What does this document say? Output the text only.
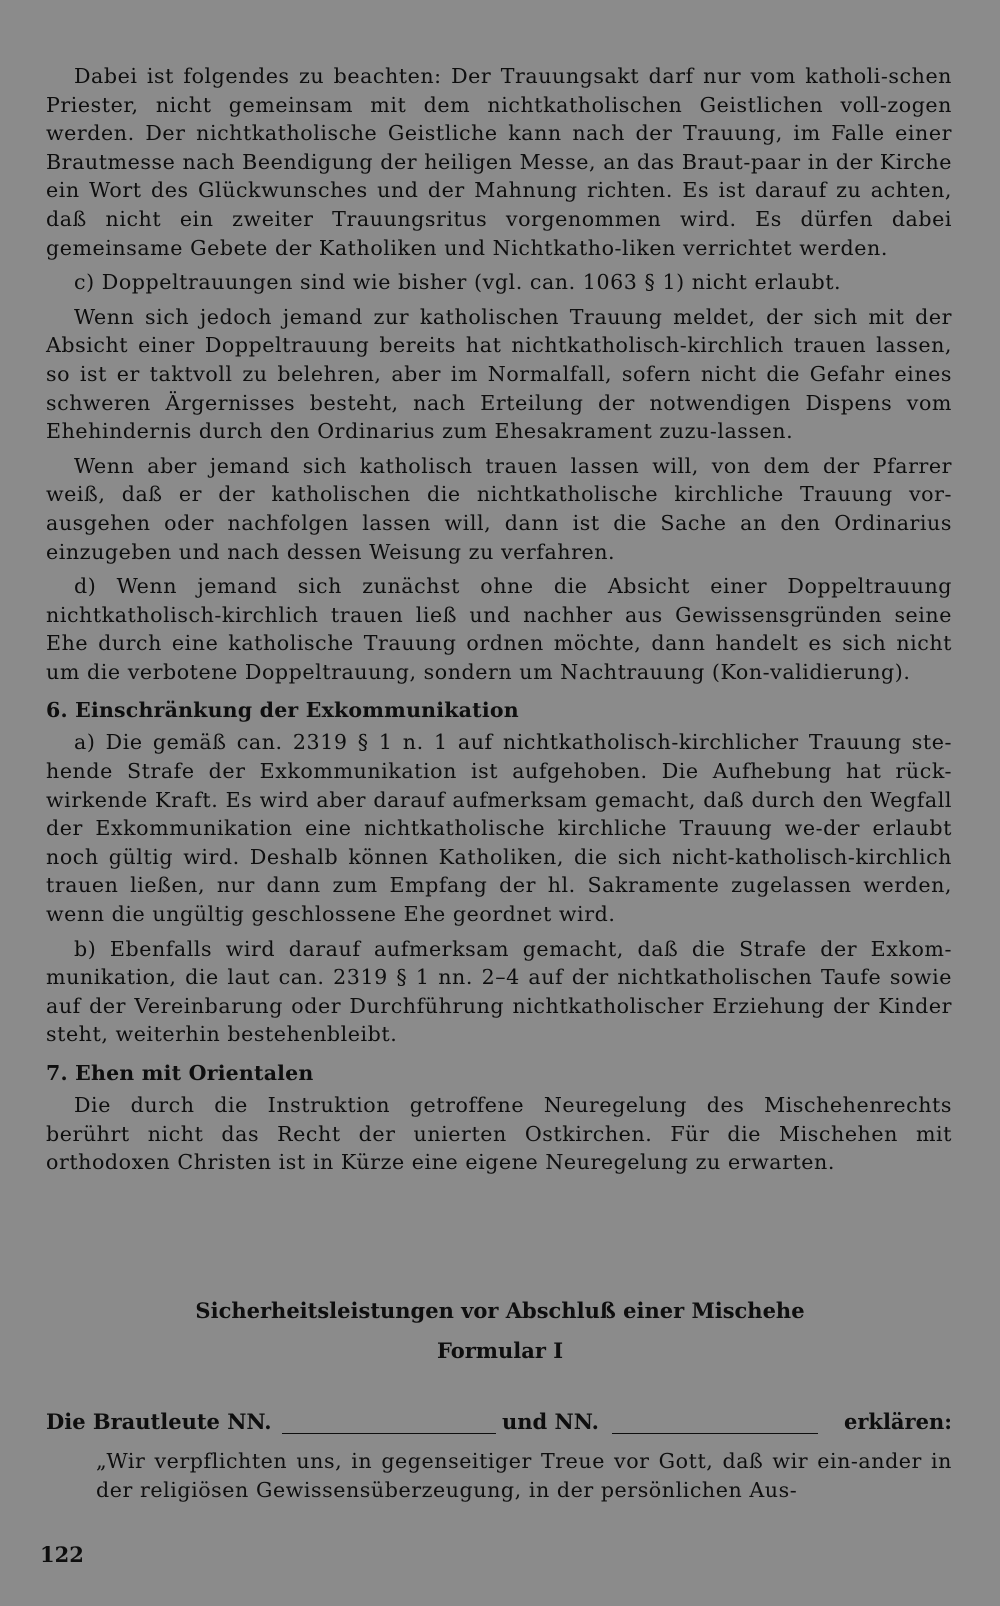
Dabei ist folgendes zu beachten: Der Trauungsakt darf nur vom katholi-schen Priester, nicht gemeinsam mit dem nichtkatholischen Geistlichen voll-zogen werden. Der nichtkatholische Geistliche kann nach der Trauung, im Falle einer Brautmesse nach Beendigung der heiligen Messe, an das Braut-paar in der Kirche ein Wort des Glückwunsches und der Mahnung richten. Es ist darauf zu achten, daß nicht ein zweiter Trauungsritus vorgenommen wird. Es dürfen dabei gemeinsame Gebete der Katholiken und Nichtkatho-liken verrichtet werden.

c) Doppeltrauungen sind wie bisher (vgl. can. 1063 § 1) nicht erlaubt.

Wenn sich jedoch jemand zur katholischen Trauung meldet, der sich mit der Absicht einer Doppeltrauung bereits hat nichtkatholisch-kirchlich trauen lassen, so ist er taktvoll zu belehren, aber im Normalfall, sofern nicht die Gefahr eines schweren Ärgernisses besteht, nach Erteilung der notwendigen Dispens vom Ehehindernis durch den Ordinarius zum Ehesakrament zuzu-lassen.

Wenn aber jemand sich katholisch trauen lassen will, von dem der Pfarrer weiß, daß er der katholischen die nichtkatholische kirchliche Trauung vor-ausgehen oder nachfolgen lassen will, dann ist die Sache an den Ordinarius einzugeben und nach dessen Weisung zu verfahren.

d) Wenn jemand sich zunächst ohne die Absicht einer Doppeltrauung nichtkatholisch-kirchlich trauen ließ und nachher aus Gewissensgründen seine Ehe durch eine katholische Trauung ordnen möchte, dann handelt es sich nicht um die verbotene Doppeltrauung, sondern um Nachtrauung (Kon-validierung).

6. Einschränkung der Exkommunikation

a) Die gemäß can. 2319 § 1 n. 1 auf nichtkatholisch-kirchlicher Trauung ste-hende Strafe der Exkommunikation ist aufgehoben. Die Aufhebung hat rück-wirkende Kraft. Es wird aber darauf aufmerksam gemacht, daß durch den Wegfall der Exkommunikation eine nichtkatholische kirchliche Trauung we-der erlaubt noch gültig wird. Deshalb können Katholiken, die sich nicht-katholisch-kirchlich trauen ließen, nur dann zum Empfang der hl. Sakramente zugelassen werden, wenn die ungültig geschlossene Ehe geordnet wird.

b) Ebenfalls wird darauf aufmerksam gemacht, daß die Strafe der Exkom-munikation, die laut can. 2319 § 1 nn. 2–4 auf der nichtkatholischen Taufe sowie auf der Vereinbarung oder Durchführung nichtkatholischer Erziehung der Kinder steht, weiterhin bestehenbleibt.

7. Ehen mit Orientalen

Die durch die Instruktion getroffene Neuregelung des Mischehenrechts berührt nicht das Recht der unierten Ostkirchen. Für die Mischehen mit orthodoxen Christen ist in Kürze eine eigene Neuregelung zu erwarten.

Sicherheitsleistungen vor Abschluß einer Mischehe
Formular I
Die Brautleute NN.	und NN.	erklären:
„Wir verpflichten uns, in gegenseitiger Treue vor Gott, daß wir ein-ander in der religiösen Gewissensüberzeugung, in der persönlichen Aus-
122
